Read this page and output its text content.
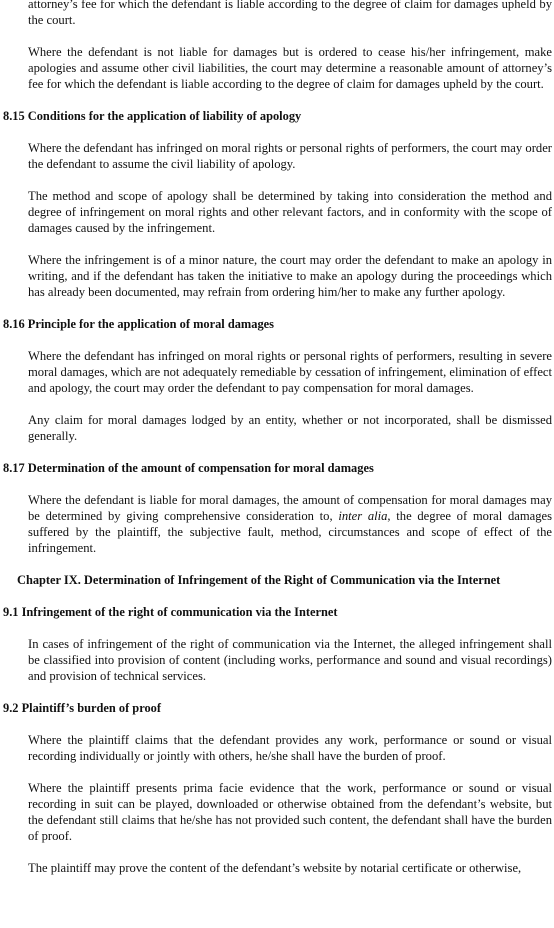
attorney’s fee for which the defendant is liable according to the degree of claim for damages upheld by the court.

Where the defendant is not liable for damages but is ordered to cease his/her infringement, make apologies and assume other civil liabilities, the court may determine a reasonable amount of attorney’s fee for which the defendant is liable according to the degree of claim for damages upheld by the court.

8.15 Conditions for the application of liability of apology

Where the defendant has infringed on moral rights or personal rights of performers, the court may order the defendant to assume the civil liability of apology.

The method and scope of apology shall be determined by taking into consideration the method and degree of infringement on moral rights and other relevant factors, and in conformity with the scope of damages caused by the infringement.

Where the infringement is of a minor nature, the court may order the defendant to make an apology in writing, and if the defendant has taken the initiative to make an apology during the proceedings which has already been documented, may refrain from ordering him/her to make any further apology.

8.16 Principle for the application of moral damages

Where the defendant has infringed on moral rights or personal rights of performers, resulting in severe moral damages, which are not adequately remediable by cessation of infringement, elimination of effect and apology, the court may order the defendant to pay compensation for moral damages.

Any claim for moral damages lodged by an entity, whether or not incorporated, shall be dismissed generally.

8.17 Determination of the amount of compensation for moral damages

Where the defendant is liable for moral damages, the amount of compensation for moral damages may be determined by giving comprehensive consideration to, inter alia, the degree of moral damages suffered by the plaintiff, the subjective fault, method, circumstances and scope of effect of the infringement.

Chapter IX. Determination of Infringement of the Right of Communication via the Internet
9.1 Infringement of the right of communication via the Internet

In cases of infringement of the right of communication via the Internet, the alleged infringement shall be classified into provision of content (including works, performance and sound and visual recordings) and provision of technical services.

9.2 Plaintiff’s burden of proof

Where the plaintiff claims that the defendant provides any work, performance or sound or visual recording individually or jointly with others, he/she shall have the burden of proof.

Where the plaintiff presents prima facie evidence that the work, performance or sound or visual recording in suit can be played, downloaded or otherwise obtained from the defendant’s website, but the defendant still claims that he/she has not provided such content, the defendant shall have the burden of proof.

The plaintiff may prove the content of the defendant’s website by notarial certificate or otherwise,
